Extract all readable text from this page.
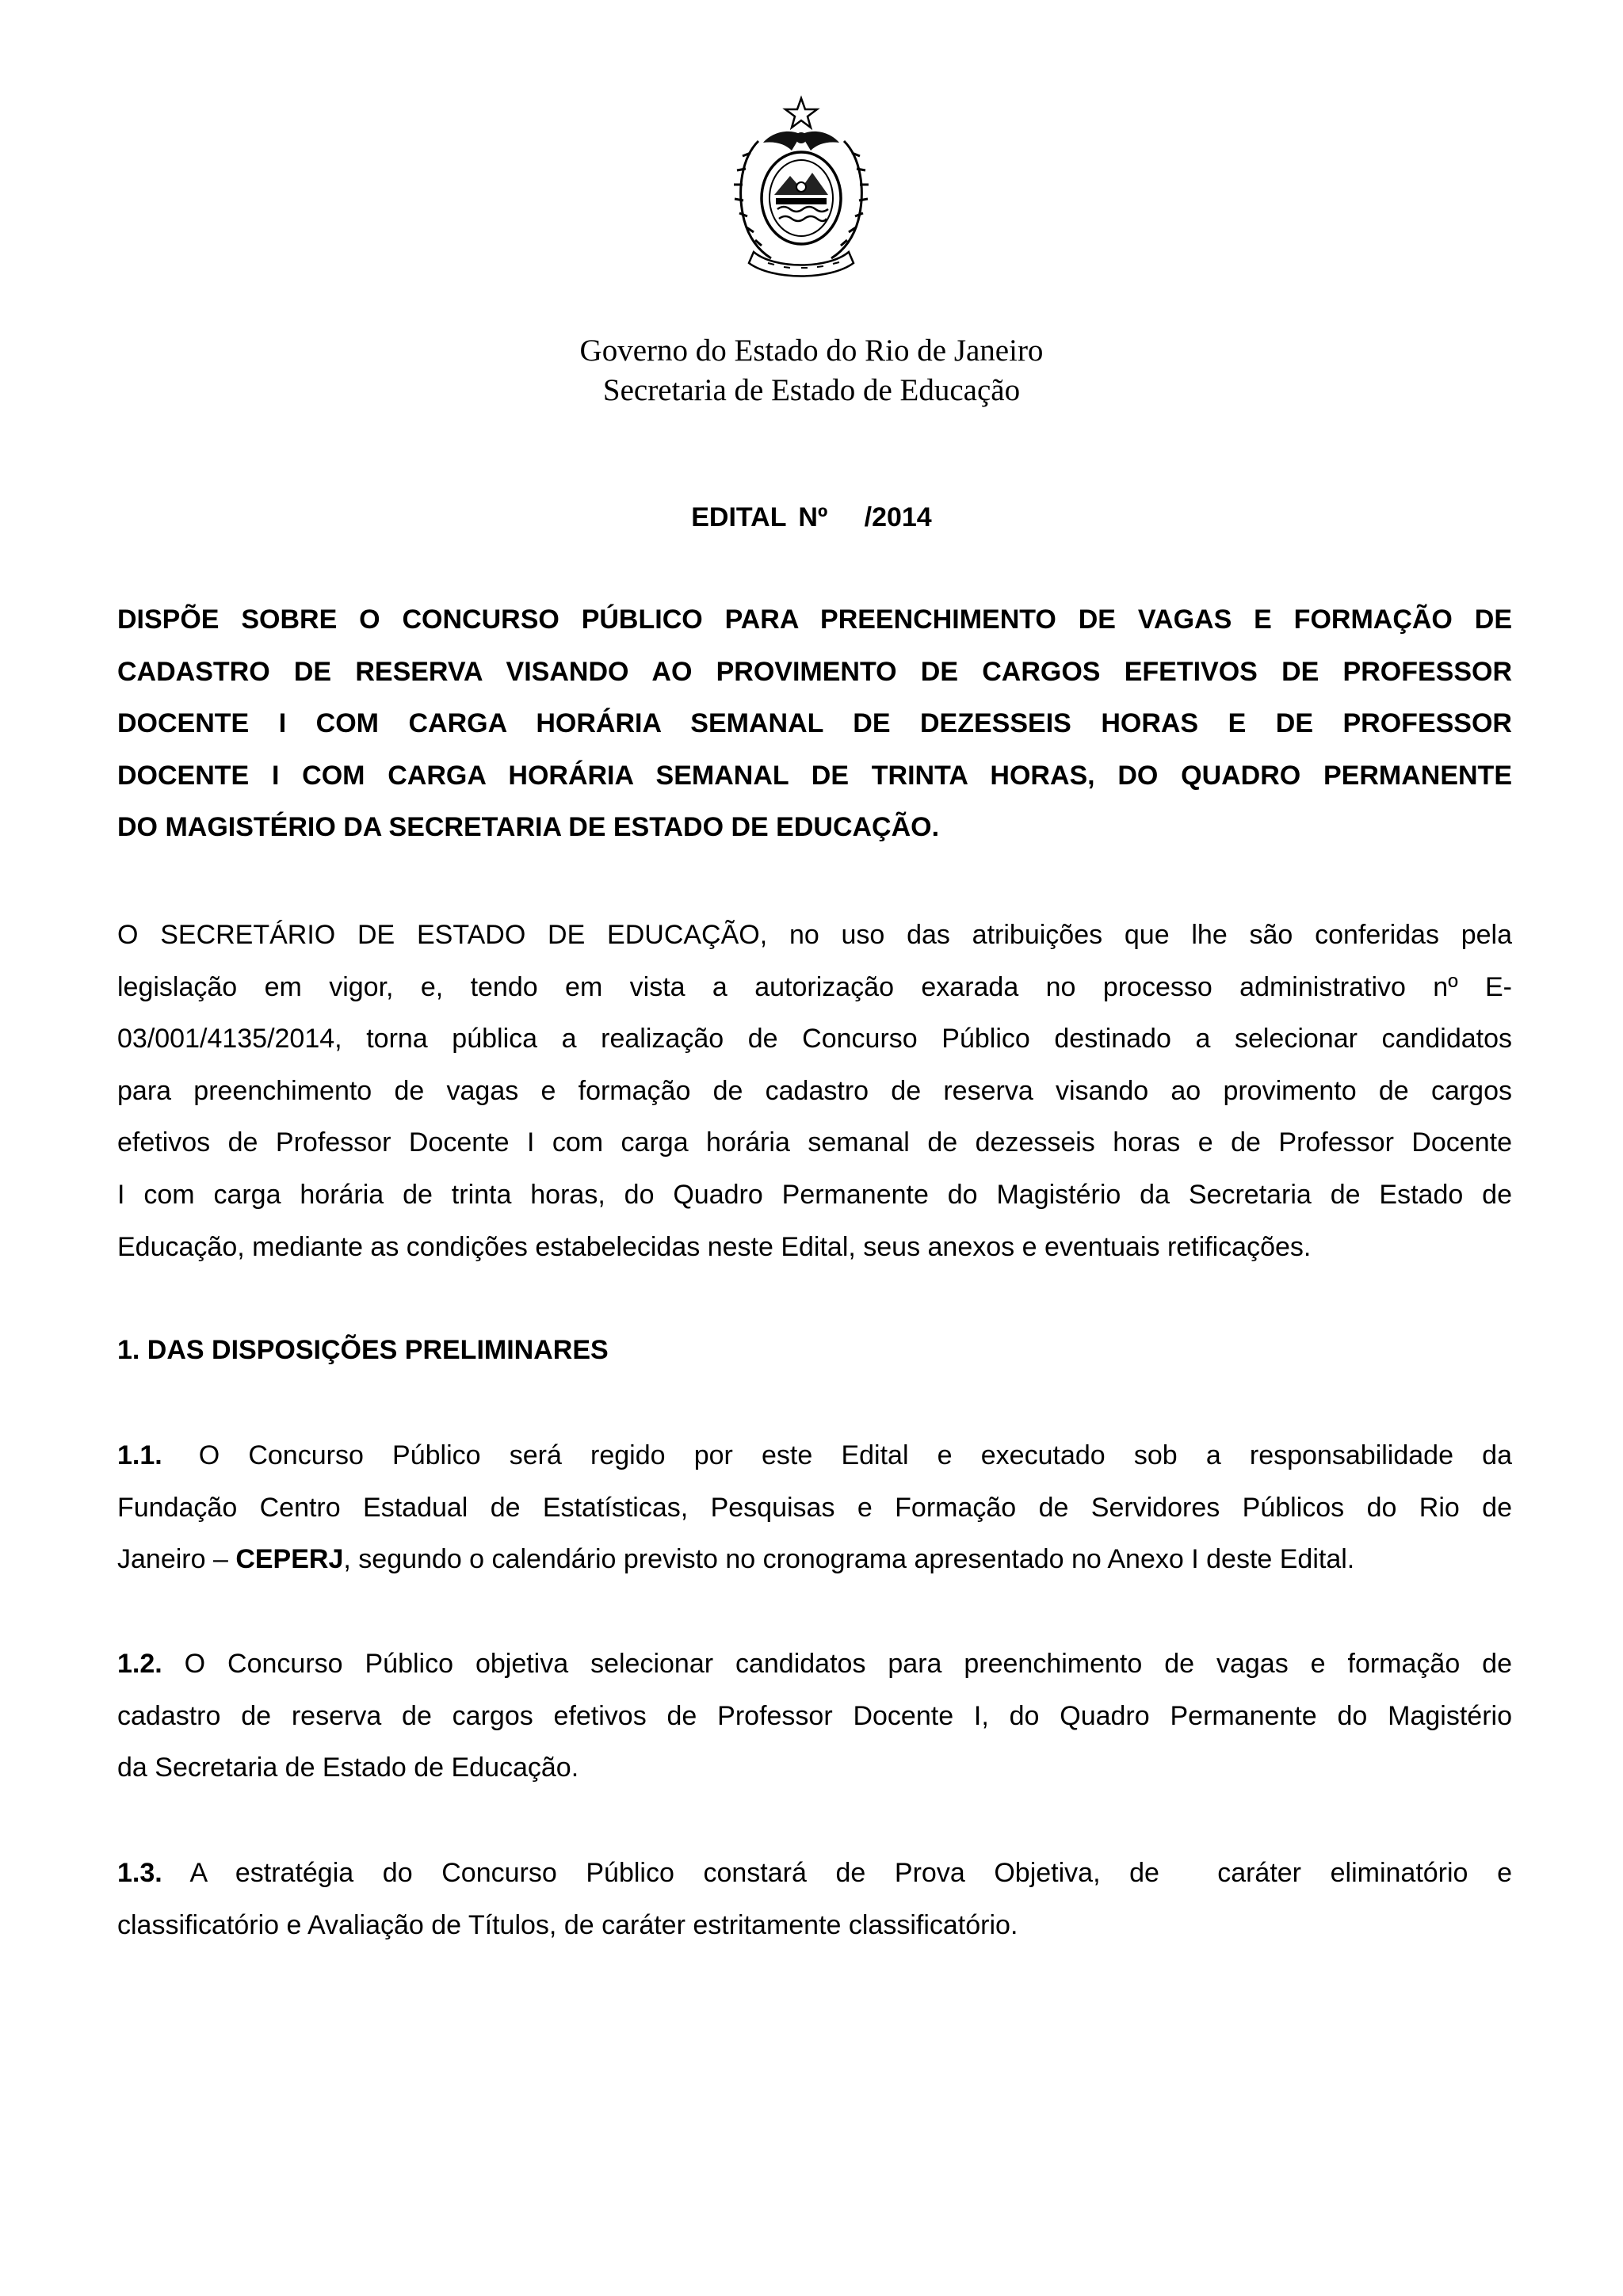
Governo do Estado do Rio de Janeiro
Secretaria de Estado de Educação
EDITAL Nº   /2014
DISPÕE SOBRE O CONCURSO PÚBLICO PARA PREENCHIMENTO DE VAGAS E FORMAÇÃO DE
CADASTRO DE RESERVA VISANDO AO PROVIMENTO DE CARGOS EFETIVOS DE PROFESSOR
DOCENTE I COM CARGA HORÁRIA SEMANAL DE DEZESSEIS HORAS E DE PROFESSOR
DOCENTE I COM CARGA HORÁRIA SEMANAL DE TRINTA HORAS, DO QUADRO PERMANENTE
DO MAGISTÉRIO DA SECRETARIA DE ESTADO DE EDUCAÇÃO.
O SECRETÁRIO DE ESTADO DE EDUCAÇÃO, no uso das atribuições que lhe são conferidas pela
legislação em vigor, e, tendo em vista a autorização exarada no processo administrativo nº E-
03/001/4135/2014, torna pública a realização de Concurso Público destinado a selecionar candidatos
para preenchimento de vagas e formação de cadastro de reserva visando ao provimento de cargos
efetivos de Professor Docente I com carga horária semanal de dezesseis horas e de Professor Docente
I com carga horária de trinta horas, do Quadro Permanente do Magistério da Secretaria de Estado de
Educação, mediante as condições estabelecidas neste Edital, seus anexos e eventuais retificações.
1. DAS DISPOSIÇÕES PRELIMINARES
1.1. O Concurso Público será regido por este Edital e executado sob a responsabilidade da
Fundação Centro Estadual de Estatísticas, Pesquisas e Formação de Servidores Públicos do Rio de
Janeiro – CEPERJ, segundo o calendário previsto no cronograma apresentado no Anexo I deste Edital.
1.2. O Concurso Público objetiva selecionar candidatos para preenchimento de vagas e formação de
cadastro de reserva de cargos efetivos de Professor Docente I, do Quadro Permanente do Magistério
da Secretaria de Estado de Educação.
1.3. A estratégia do Concurso Público constará de Prova Objetiva, de  caráter eliminatório e
classificatório e Avaliação de Títulos, de caráter estritamente classificatório.
